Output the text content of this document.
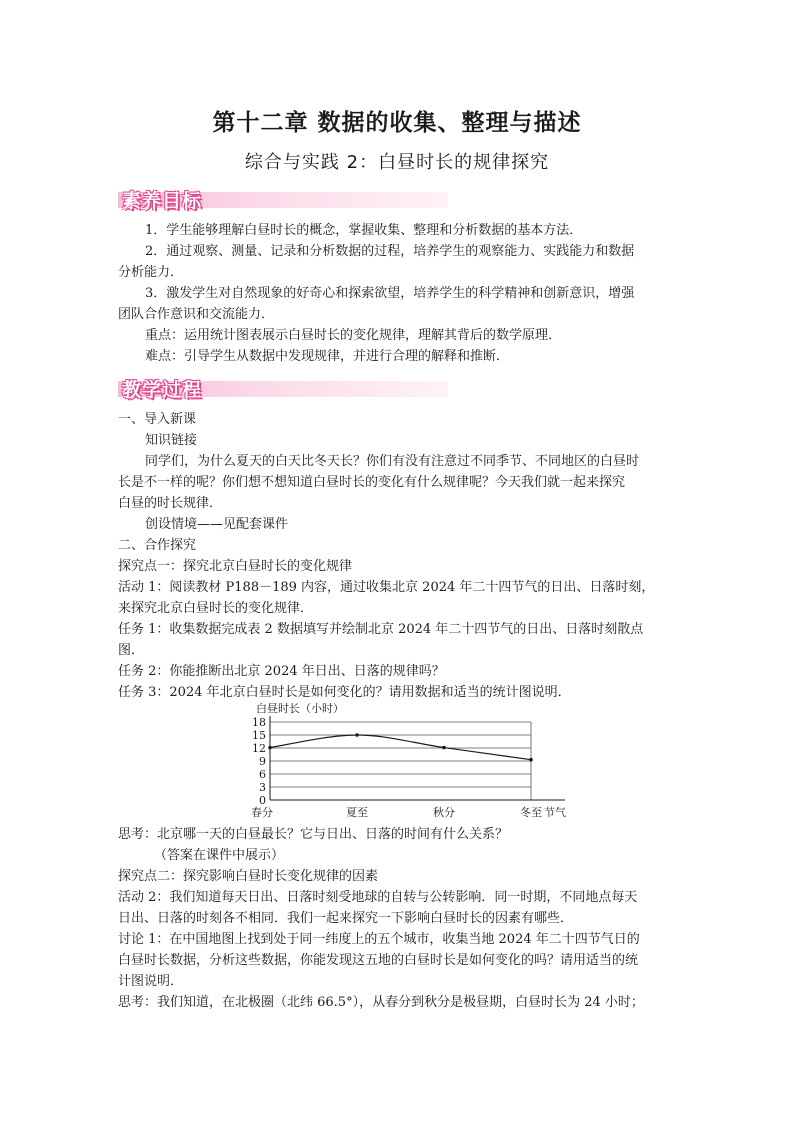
第十二章 数据的收集、整理与描述
综合与实践 2：白昼时长的规律探究
素养目标
1．学生能够理解白昼时长的概念，掌握收集、整理和分析数据的基本方法．
2．通过观察、测量、记录和分析数据的过程，培养学生的观察能力、实践能力和数据
分析能力．
3．激发学生对自然现象的好奇心和探索欲望，培养学生的科学精神和创新意识，增强
团队合作意识和交流能力．
重点：运用统计图表展示白昼时长的变化规律，理解其背后的数学原理．
难点：引导学生从数据中发现规律，并进行合理的解释和推断．
教学过程
一、导入新课
知识链接
同学们，为什么夏天的白天比冬天长？你们有没有注意过不同季节、不同地区的白昼时
长是不一样的呢？你们想不想知道白昼时长的变化有什么规律呢？今天我们就一起来探究
白昼的时长规律．
创设情境——见配套课件
二、合作探究
探究点一：探究北京白昼时长的变化规律
活动 1：阅读教材 P188－189 内容，通过收集北京 2024 年二十四节气的日出、日落时刻，
来探究北京白昼时长的变化规律．
任务 1：收集数据完成表 2 数据填写并绘制北京 2024 年二十四节气的日出、日落时刻散点
图．
任务 2：你能推断出北京 2024 年日出、日落的规律吗？
任务 3：2024 年北京白昼时长是如何变化的？请用数据和适当的统计图说明．
0
3
6
9
12
15
18
白昼时长（小时）
春分	夏至	秋分	冬至 节气
思考：北京哪一天的白昼最长？它与日出、日落的时间有什么关系？
（答案在课件中展示）
探究点二：探究影响白昼时长变化规律的因素
活动 2：我们知道每天日出、日落时刻受地球的自转与公转影响．同一时期，不同地点每天
日出、日落的时刻各不相同．我们一起来探究一下影响白昼时长的因素有哪些．
讨论 1：在中国地图上找到处于同一纬度上的五个城市，收集当地 2024 年二十四节气日的
白昼时长数据，分析这些数据，你能发现这五地的白昼时长是如何变化的吗？请用适当的统
计图说明．
思考：我们知道，在北极圈（北纬 66.5°），从春分到秋分是极昼期，白昼时长为 24 小时；
